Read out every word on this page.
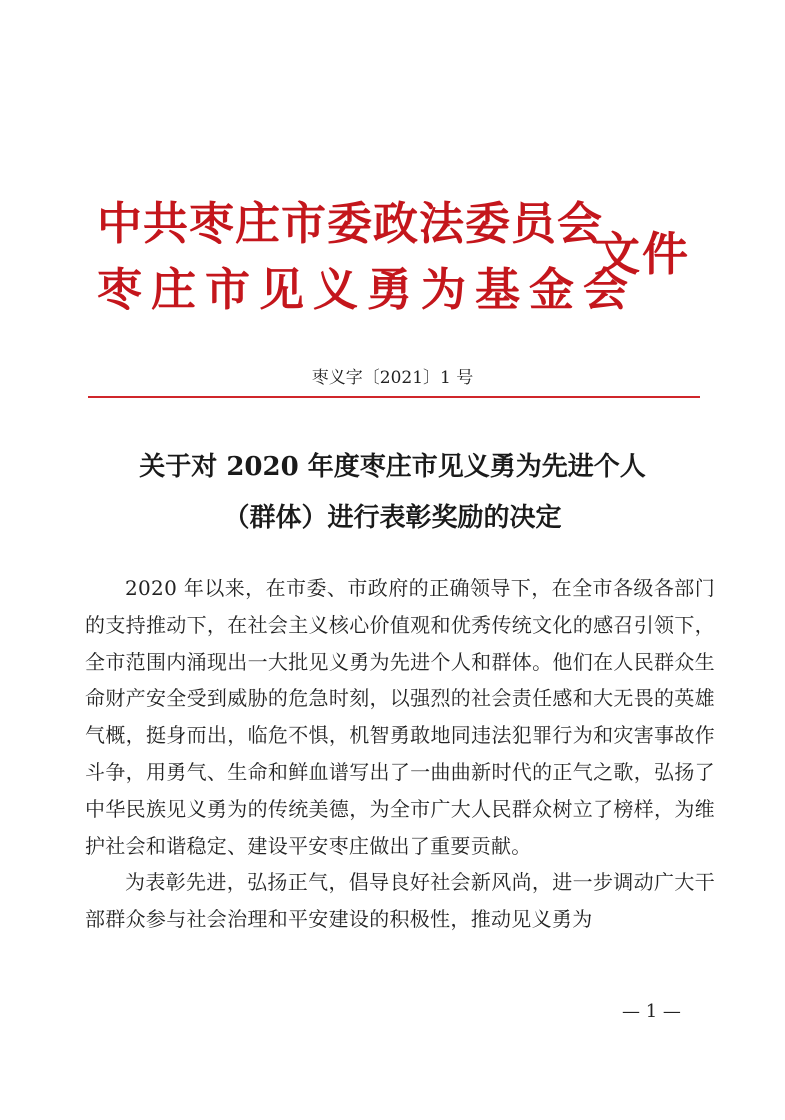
中共枣庄市委政法委员会
枣庄市见义勇为基金会
文件
枣义字〔2021〕1 号
关于对 2020 年度枣庄市见义勇为先进个人
（群体）进行表彰奖励的决定

2020 年以来，在市委、市政府的正确领导下，在全市各级各部门的支持推动下，在社会主义核心价值观和优秀传统文化的感召引领下，全市范围内涌现出一大批见义勇为先进个人和群体。他们在人民群众生命财产安全受到威胁的危急时刻，以强烈的社会责任感和大无畏的英雄气概，挺身而出，临危不惧，机智勇敢地同违法犯罪行为和灾害事故作斗争，用勇气、生命和鲜血谱写出了一曲曲新时代的正气之歌，弘扬了中华民族见义勇为的传统美德，为全市广大人民群众树立了榜样，为维护社会和谐稳定、建设平安枣庄做出了重要贡献。

为表彰先进，弘扬正气，倡导良好社会新风尚，进一步调动广大干部群众参与社会治理和平安建设的积极性，推动见义勇为

— 1 —
